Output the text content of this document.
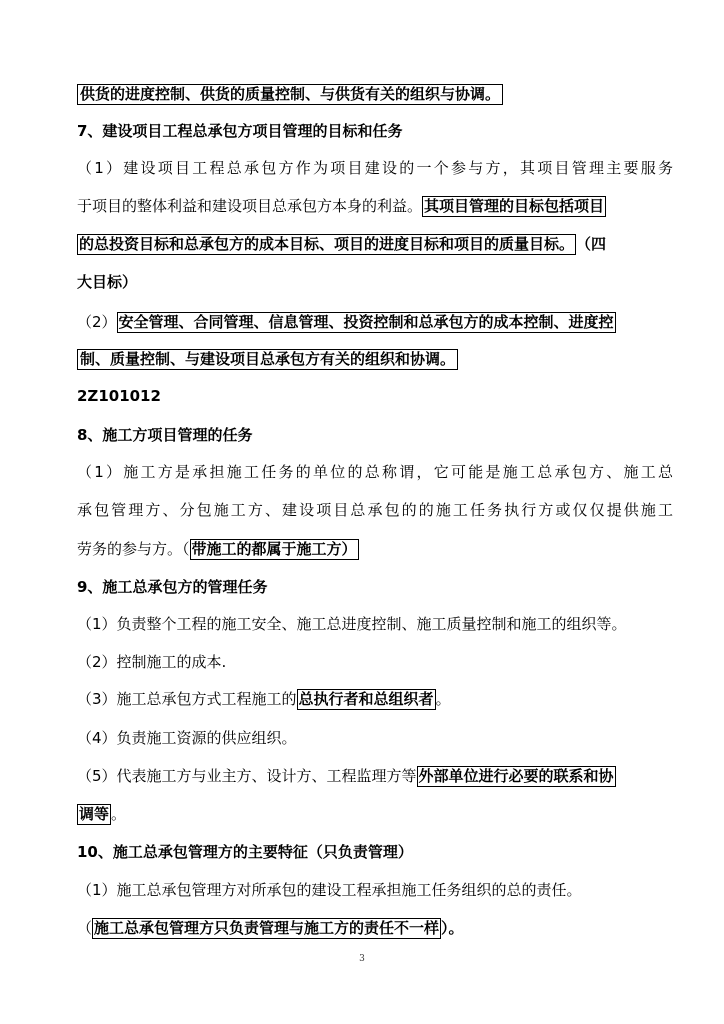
供货的进度控制、供货的质量控制、与供货有关的组织与协调。
7、建设项目工程总承包方项目管理的目标和任务
（1）建设项目工程总承包方作为项目建设的一个参与方，其项目管理主要服务
于项目的整体利益和建设项目总承包方本身的利益。 其项目管理的目标包括项目
的总投资目标和总承包方的成本目标、项目的进度目标和项目的质量目标。 （四
大目标）
（2） 安全管理、合同管理、信息管理、投资控制和总承包方的成本控制、进度控
制、质量控制、与建设项目总承包方有关的组织和协调。
2Z101012
8、施工方项目管理的任务
（1）施工方是承担施工任务的单位的总称谓，它可能是施工总承包方、施工总
承包管理方、分包施工方、建设项目总承包的的施工任务执行方或仅仅提供施工
劳务的参与方。（ 带施工的都属于施工方）
9、施工总承包方的管理任务
（1）负责整个工程的施工安全、施工总进度控制、施工质量控制和施工的组织等。
（2）控制施工的成本.
（3）施工总承包方式工程施工的 总执行者和总组织者 。
（4）负责施工资源的供应组织。
（5）代表施工方与业主方、设计方、工程监理方等 外部单位进行必要的联系和协
调等 。
10、施工总承包管理方的主要特征（只负责管理）
（1）施工总承包管理方对所承包的建设工程承担施工任务组织的总的责任。
（ 施工总承包管理方只负责管理与施工方的责任不一样 ）。
3
